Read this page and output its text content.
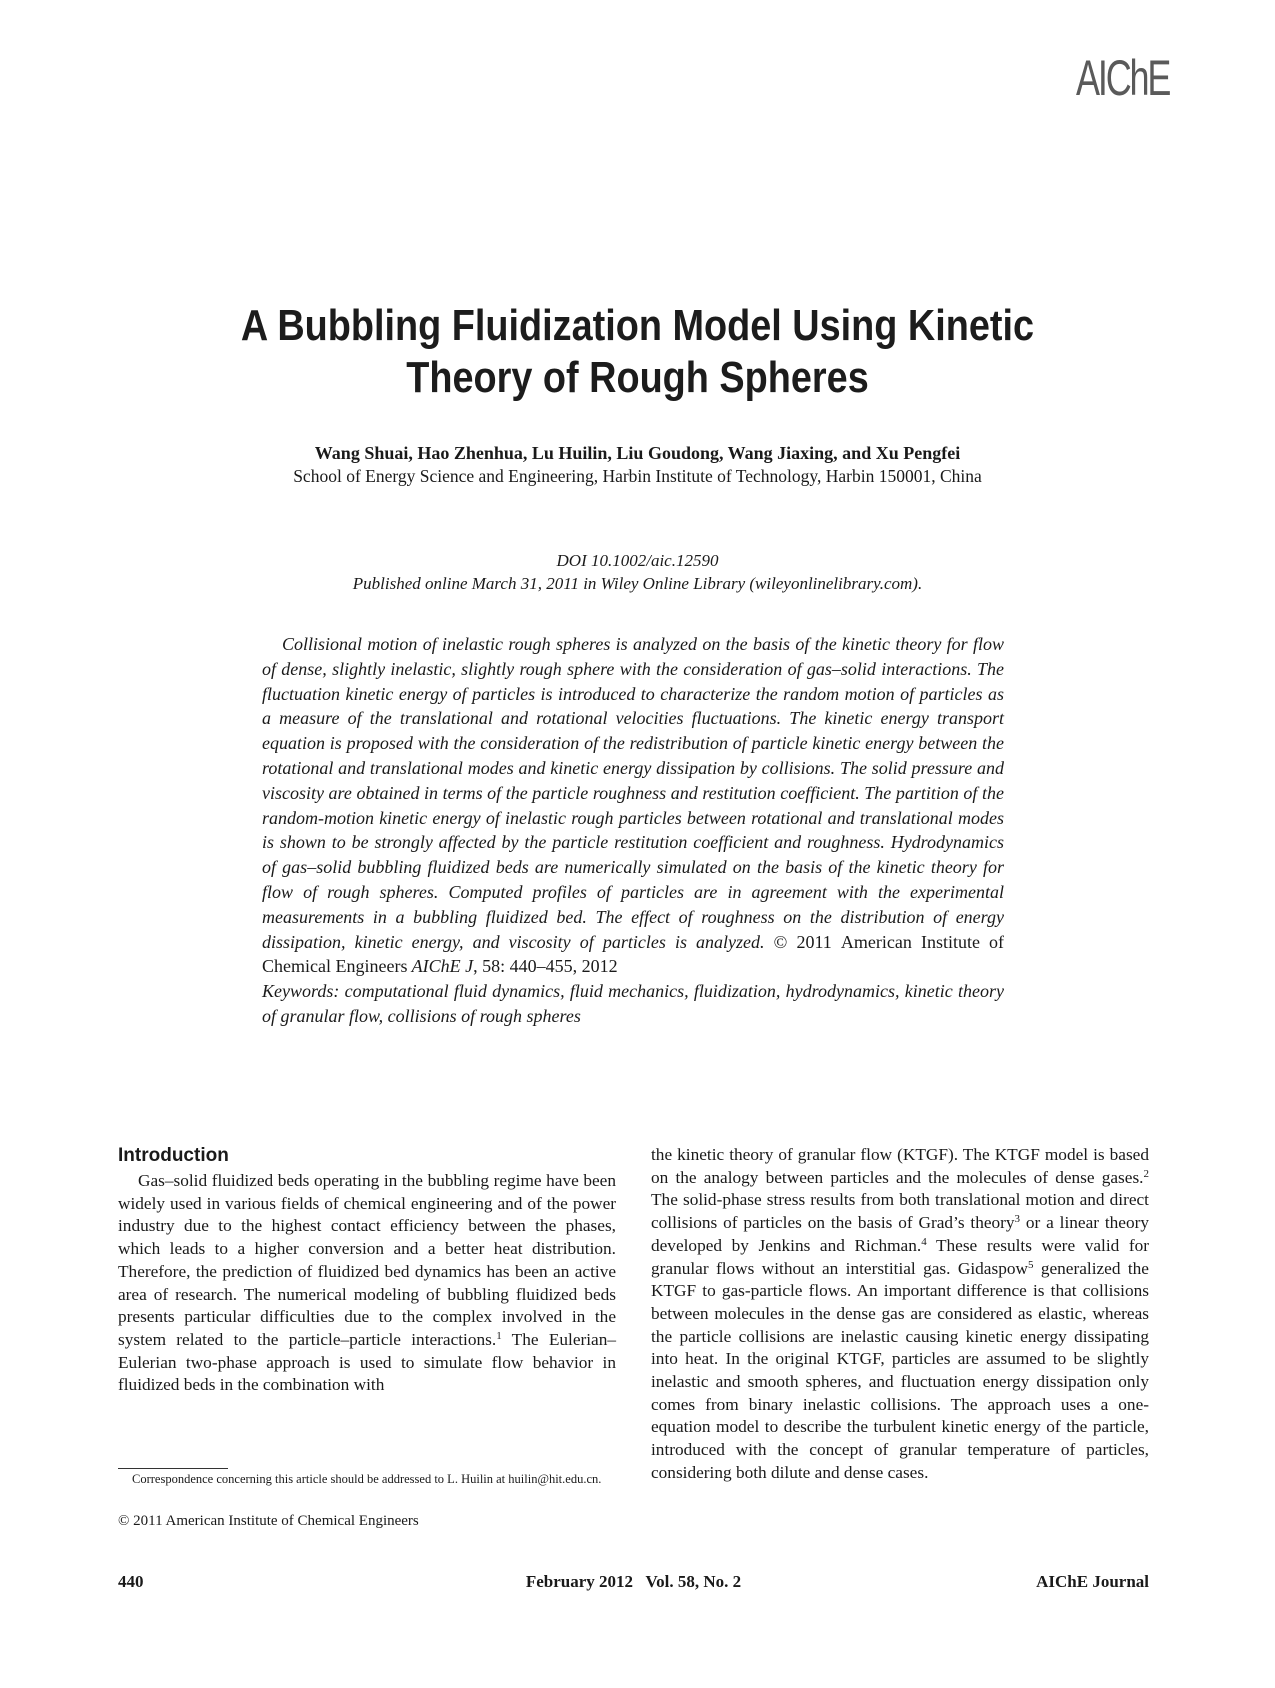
AIChE
A Bubbling Fluidization Model Using Kinetic
Theory of Rough Spheres
Wang Shuai, Hao Zhenhua, Lu Huilin, Liu Goudong, Wang Jiaxing, and Xu Pengfei
School of Energy Science and Engineering, Harbin Institute of Technology, Harbin 150001, China
DOI 10.1002/aic.12590
Published online March 31, 2011 in Wiley Online Library (wileyonlinelibrary.com).

Collisional motion of inelastic rough spheres is analyzed on the basis of the kinetic theory for flow of dense, slightly inelastic, slightly rough sphere with the consideration of gas–solid interactions. The fluctuation kinetic energy of particles is introduced to characterize the random motion of particles as a measure of the translational and rotational velocities fluctuations. The kinetic energy transport equation is proposed with the consideration of the redistribution of particle kinetic energy between the rotational and translational modes and kinetic energy dissipation by collisions. The solid pressure and viscosity are obtained in terms of the particle roughness and restitution coefficient. The partition of the random-motion kinetic energy of inelastic rough particles between rotational and translational modes is shown to be strongly affected by the particle restitution coefficient and roughness. Hydrodynamics of gas–solid bubbling fluidized beds are numerically simulated on the basis of the kinetic theory for flow of rough spheres. Computed profiles of particles are in agreement with the experimental measurements in a bubbling fluidized bed. The effect of roughness on the distribution of energy dissipation, kinetic energy, and viscosity of particles is analyzed. © 2011 American Institute of Chemical Engineers AIChE J, 58: 440–455, 2012

Keywords: computational fluid dynamics, fluid mechanics, fluidization, hydrodynamics, kinetic theory of granular flow, collisions of rough spheres

Introduction

Gas–solid fluidized beds operating in the bubbling regime have been widely used in various fields of chemical engineering and of the power industry due to the highest contact efficiency between the phases, which leads to a higher conversion and a better heat distribution. Therefore, the prediction of fluidized bed dynamics has been an active area of research. The numerical modeling of bubbling fluidized beds presents particular difficulties due to the complex involved in the system related to the particle–particle interactions.$^1$ The Eulerian–Eulerian two-phase approach is used to simulate flow behavior in fluidized beds in the combination with

the kinetic theory of granular flow (KTGF). The KTGF model is based on the analogy between particles and the molecules of dense gases.$^2$ The solid-phase stress results from both translational motion and direct collisions of particles on the basis of Grad’s theory$^3$ or a linear theory developed by Jenkins and Richman.$^4$ These results were valid for granular flows without an interstitial gas. Gidaspow$^5$ generalized the KTGF to gas-particle flows. An important difference is that collisions between molecules in the dense gas are considered as elastic, whereas the particle collisions are inelastic causing kinetic energy dissipating into heat. In the original KTGF, particles are assumed to be slightly inelastic and smooth spheres, and fluctuation energy dissipation only comes from binary inelastic collisions. The approach uses a one-equation model to describe the turbulent kinetic energy of the particle, introduced with the concept of granular temperature of particles, considering both dilute and dense cases.

Correspondence concerning this article should be addressed to L. Huilin at huilin@hit.edu.cn.
© 2011 American Institute of Chemical Engineers
440	February 2012   Vol. 58, No. 2	AIChE Journal
